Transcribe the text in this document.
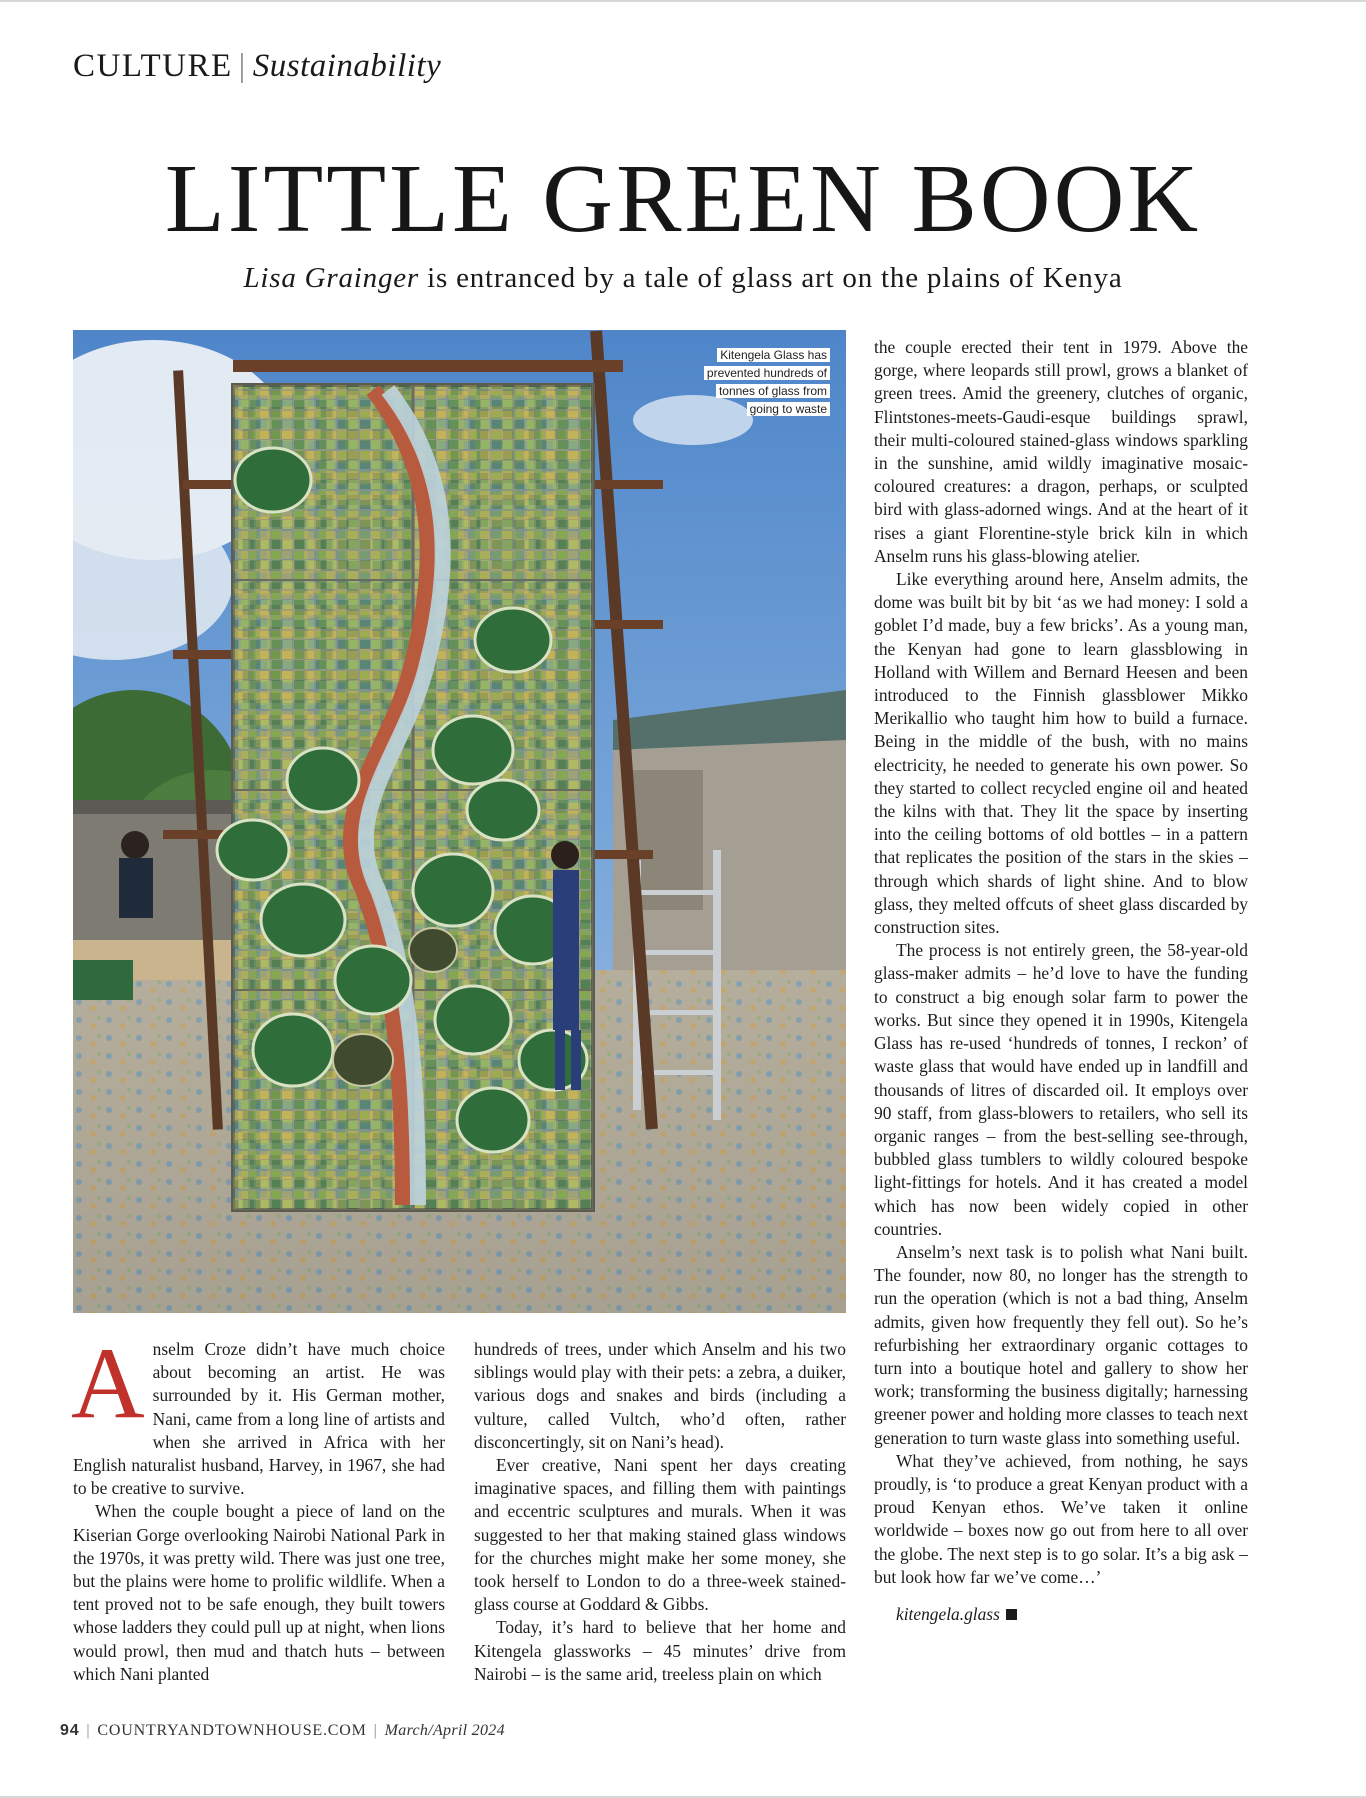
CULTURE | Sustainability
LITTLE GREEN BOOK
Lisa Grainger is entranced by a tale of glass art on the plains of Kenya
Kitengela Glass has
prevented hundreds of
tonnes of glass from
going to waste

Anselm Croze didn’t have much choice about becoming an artist. He was surrounded by it. His German mother, Nani, came from a long line of artists and when she arrived in Africa with her English naturalist husband, Harvey, in 1967, she had to be creative to survive.

When the couple bought a piece of land on the Kiserian Gorge overlooking Nairobi National Park in the 1970s, it was pretty wild. There was just one tree, but the plains were home to prolific wildlife. When a tent proved not to be safe enough, they built towers whose ladders they could pull up at night, when lions would prowl, then mud and thatch huts – between which Nani planted

hundreds of trees, under which Anselm and his two siblings would play with their pets: a zebra, a duiker, various dogs and snakes and birds (including a vulture, called Vultch, who’d often, rather disconcertingly, sit on Nani’s head).

Ever creative, Nani spent her days creating imaginative spaces, and filling them with paintings and eccentric sculptures and murals. When it was suggested to her that making stained glass windows for the churches might make her some money, she took herself to London to do a three-week stained-glass course at Goddard & Gibbs.

Today, it’s hard to believe that her home and Kitengela glassworks – 45 minutes’ drive from Nairobi – is the same arid, treeless plain on which

the couple erected their tent in 1979. Above the gorge, where leopards still prowl, grows a blanket of green trees. Amid the greenery, clutches of organic, Flintstones-meets-Gaudi-esque buildings sprawl, their multi-coloured stained-glass windows sparkling in the sunshine, amid wildly imaginative mosaic-coloured creatures: a dragon, perhaps, or sculpted bird with glass-adorned wings. And at the heart of it rises a giant Florentine-style brick kiln in which Anselm runs his glass-blowing atelier.

Like everything around here, Anselm admits, the dome was built bit by bit ‘as we had money: I sold a goblet I’d made, buy a few bricks’. As a young man, the Kenyan had gone to learn glassblowing in Holland with Willem and Bernard Heesen and been introduced to the Finnish glassblower Mikko Merikallio who taught him how to build a furnace. Being in the middle of the bush, with no mains electricity, he needed to generate his own power. So they started to collect recycled engine oil and heated the kilns with that. They lit the space by inserting into the ceiling bottoms of old bottles – in a pattern that replicates the position of the stars in the skies – through which shards of light shine. And to blow glass, they melted offcuts of sheet glass discarded by construction sites.

The process is not entirely green, the 58-year-old glass-maker admits – he’d love to have the funding to construct a big enough solar farm to power the works. But since they opened it in 1990s, Kitengela Glass has re-used ‘hundreds of tonnes, I reckon’ of waste glass that would have ended up in landfill and thousands of litres of discarded oil. It employs over 90 staff, from glass-blowers to retailers, who sell its organic ranges – from the best-selling see-through, bubbled glass tumblers to wildly coloured bespoke light-fittings for hotels. And it has created a model which has now been widely copied in other countries.

Anselm’s next task is to polish what Nani built. The founder, now 80, no longer has the strength to run the operation (which is not a bad thing, Anselm admits, given how frequently they fell out). So he’s refurbishing her extraordinary organic cottages to turn into a boutique hotel and gallery to show her work; transforming the business digitally; harnessing greener power and holding more classes to teach next generation to turn waste glass into something useful.

What they’ve achieved, from nothing, he says proudly, is ‘to produce a great Kenyan product with a proud Kenyan ethos. We’ve taken it online worldwide – boxes now go out from here to all over the globe. The next step is to go solar. It’s a big ask – but look how far we’ve come…’

kitengela.glass

94 | COUNTRYANDTOWNHOUSE.COM | March/April 2024
